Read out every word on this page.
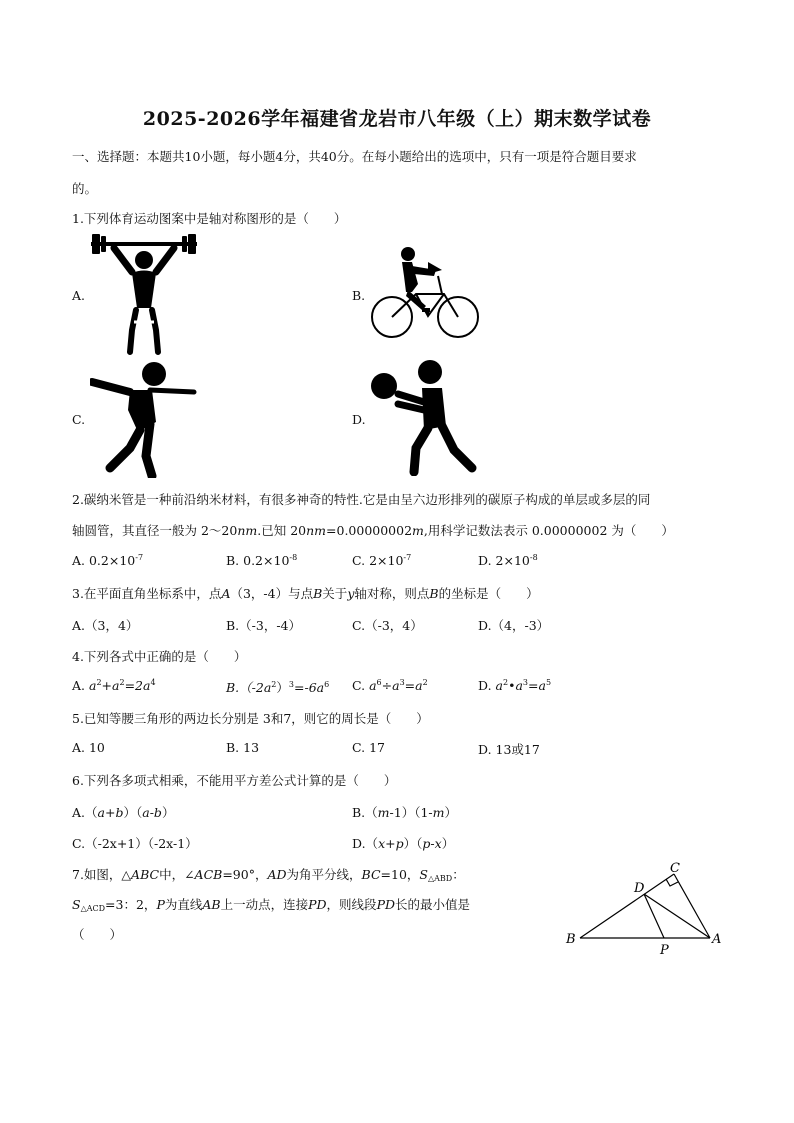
2025-2026学年福建省龙岩市八年级（上）期末数学试卷
一、选择题：本题共10小题，每小题4分，共40分。在每小题给出的选项中，只有一项是符合题目要求
的。
1.下列体育运动图案中是轴对称图形的是（　　）
A.	B.
C.	D.
2.碳纳米管是一种前沿纳米材料，有很多神奇的特性.它是由呈六边形排列的碳原子构成的单层或多层的同
轴圆管，其直径一般为 2～20nm.已知 20nm=0.00000002m,用科学记数法表示 0.00000002 为（　　）
A. $0.2\times 10^{-7}$	B. $0.2\times 10^{-8}$	C. $2\times 10^{-7}$	D. $2\times 10^{-8}$
3.在平面直角坐标系中，点A（3，-4）与点B关于y轴对称，则点B的坐标是（　　）
A.（3，4）	B.（-3，-4）	C.（-3，4）	D.（4，-3）
4.下列各式中正确的是（　　）
A. $a^2+a^2=2a^4$	$B.(-2a^2)^3=-6a^6$ C. $a^6\div a^3=a^2$	D. $a^2•a^3=a^5$
5.已知等腰三角形的两边长分别是 3和7，则它的周长是（　　）
A. 10	B. 13	C. 17	D. 13或17
6.下列各多项式相乘，不能用平方差公式计算的是（　　）
A.（a+b）（a-b）	B.（m-1）（1-m）
C.（-2x+1）（-2x-1）	D.（x+p）（p-x）
7.如图，△ABC中，∠ACB=90°，AD为角平分线，BC=10，$S_{\triangle ABD}$：
$S_{\triangle ACD}=3$：2，P为直线AB上一动点，连接PD，则线段PD长的最小值是
（　　）
C
D
B
P
A
